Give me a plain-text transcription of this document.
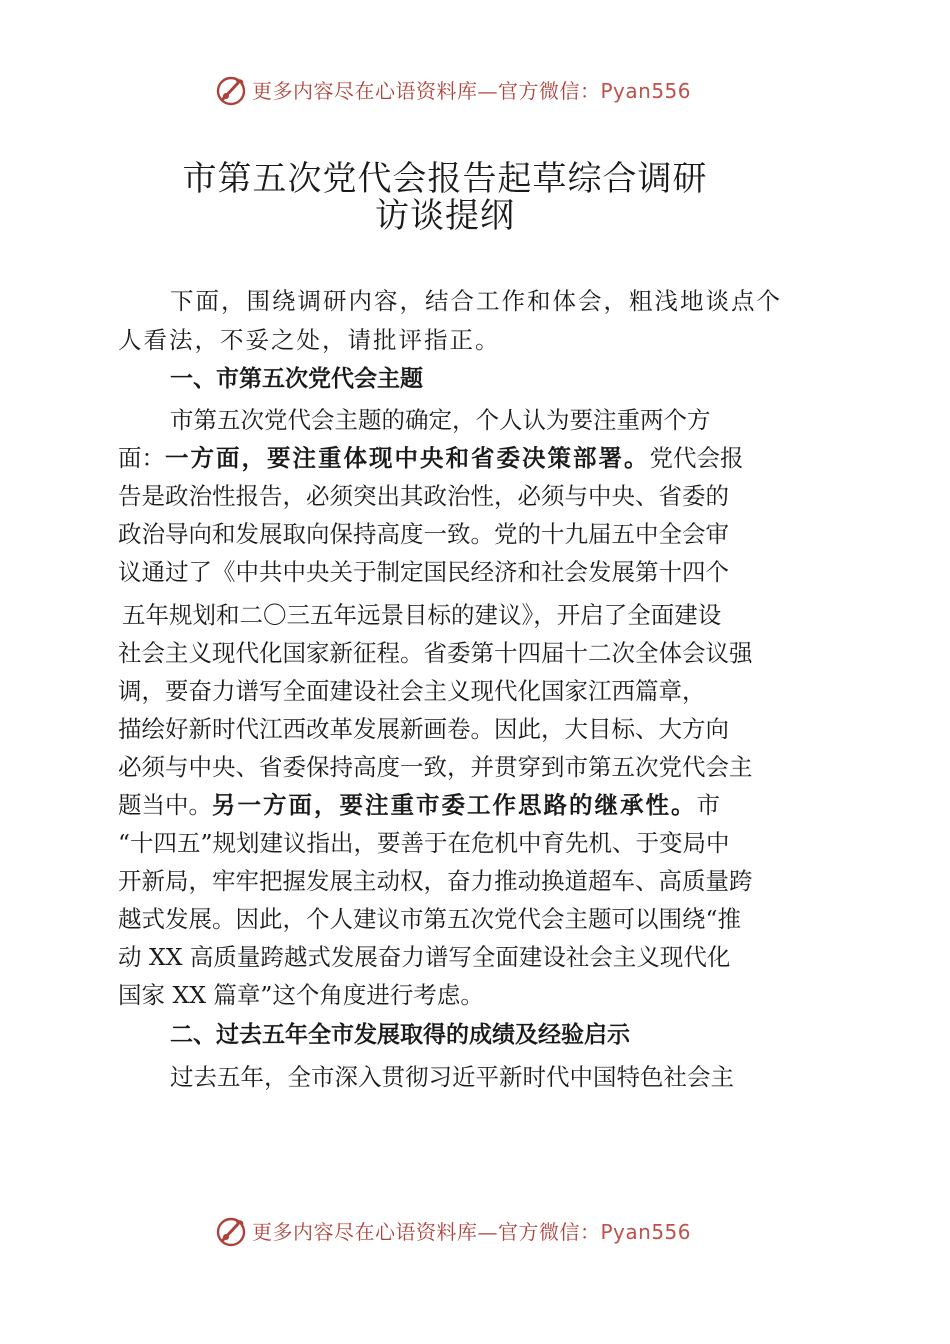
更多内容尽在心语资料库—官方微信：Pyan556
市第五次党代会报告起草综合调研
访谈提纲
下面，围绕调研内容，结合工作和体会，粗浅地谈点个
人看法，不妥之处，请批评指正。
一、市第五次党代会主题
市第五次党代会主题的确定，个人认为要注重两个方
面：一方面，要注重体现中央和省委决策部署。党代会报
告是政治性报告，必须突出其政治性，必须与中央、省委的
政治导向和发展取向保持高度一致。党的十九届五中全会审
议通过了《中共中央关于制定国民经济和社会发展第十四个
五年规划和二〇三五年远景目标的建议》，开启了全面建设
社会主义现代化国家新征程。省委第十四届十二次全体会议强
调，要奋力谱写全面建设社会主义现代化国家江西篇章，
描绘好新时代江西改革发展新画卷。因此，大目标、大方向
必须与中央、省委保持高度一致，并贯穿到市第五次党代会主
题当中。另一方面，要注重市委工作思路的继承性。市
“十四五”规划建议指出，要善于在危机中育先机、于变局中
开新局，牢牢把握发展主动权，奋力推动换道超车、高质量跨
越式发展。因此，个人建议市第五次党代会主题可以围绕“推
动 XX 高质量跨越式发展奋力谱写全面建设社会主义现代化
国家 XX 篇章”这个角度进行考虑。
二、过去五年全市发展取得的成绩及经验启示
过去五年，全市深入贯彻习近平新时代中国特色社会主
更多内容尽在心语资料库—官方微信：Pyan556
